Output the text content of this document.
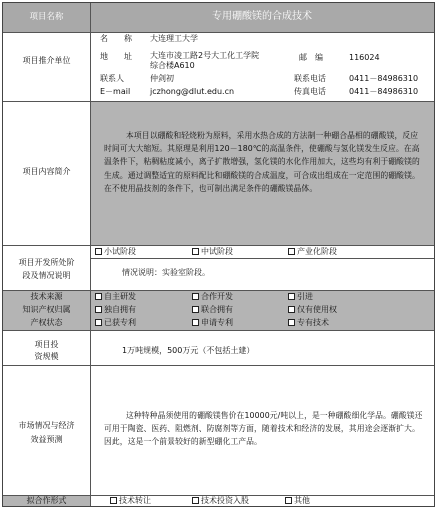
项目名称	专用硼酸镁的合成技术
项目推介单位
名　　称 大连理工大学
地　　址 大连市凌工路2号大工化工学院
综合楼A610
邮　编	116024
联系人	仲剑初	联系电话	0411－84986310
E－mail jczhong@dlut.edu.cn	传真电话	0411－84986310
项目内容简介
本项目以硼酸和轻烧粉为原料，采用水热合成的方法制一种硼合晶相的硼酸镁，反应时间可大大缩短。其原理是利用120－180℃的高温条件，使硼酸与氢化镁发生反应。在高温条件下，粘稠粘度减小，离子扩散增强，氢化镁的水化作用加大，这些均有利于硼酸镁的生成。通过调整适宜的原料配比和硼酸镁的合成温度，可合成出组成在一定范围的硼酸镁。在不使用晶技剂的条件下，也可制出满足条件的硼酸镁晶体。
项目开发所处阶
段及情况说明
小试阶段	中试阶段	产业化阶段
情况说明：实验室阶段。
技术来源
知识产权归属
产权状态
自主研发	合作开发	引进
独自拥有	联合拥有	仅有使用权
已获专利	申请专利	专有技术
项目投
资规模
1万吨规模，500万元（不包括土建）
市场情况与经济
效益预测
这种特种晶须使用的硼酸镁售价在10000元/吨以上，是一种硼酸细化学品。硼酸镁还可用于陶瓷、医药、阻燃剂、防腐剂等方面，随着技术和经济的发展，其用途会逐渐扩大。因此，这是一个前景较好的新型硼化工产品。
拟合作形式	技术转让	技术投资入股	其他
